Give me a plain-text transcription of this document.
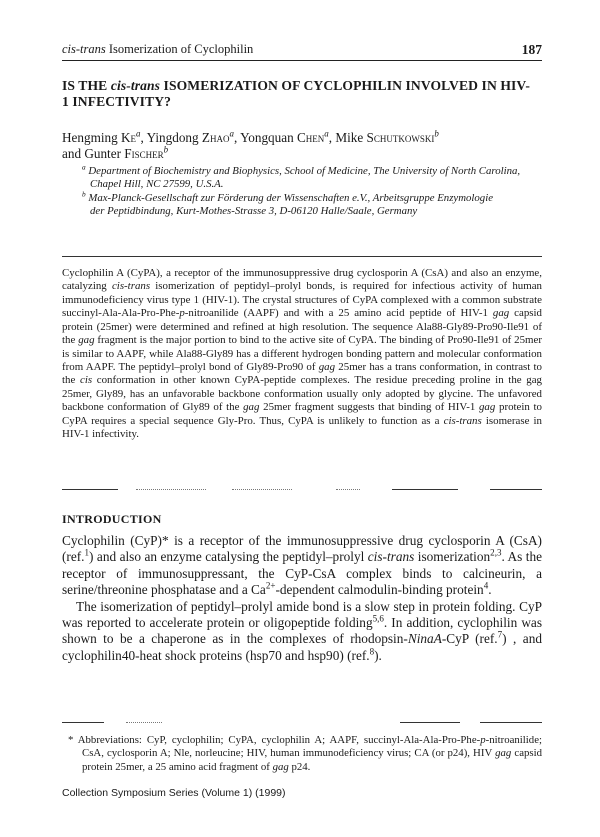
cis-trans Isomerization of Cyclophilin	187
IS THE cis-trans ISOMERIZATION OF CYCLOPHILIN INVOLVED IN HIV-1 INFECTIVITY?
Hengming Ke$^a$, Yingdong Zhao$^a$, Yongquan Chen$^a$, Mike Schutkowski$^b$
and Gunter Fischer$^b$

$^a$ Department of Biochemistry and Biophysics, School of Medicine, The University of North Carolina,

Chapel Hill, NC 27599, U.S.A.

$^b$ Max-Planck-Gesellschaft zur Förderung der Wissenschaften e.V., Arbeitsgruppe Enzymologie

der Peptidbindung, Kurt-Mothes-Strasse 3, D-06120 Halle/Saale, Germany

Cyclophilin A (CyPA), a receptor of the immunosuppressive drug cyclosporin A (CsA) and also an enzyme, catalyzing cis-trans isomerization of peptidyl–prolyl bonds, is required for infectious activity of human immunodeficiency virus type 1 (HIV-1). The crystal structures of CyPA complexed with a common substrate succinyl-Ala-Ala-Pro-Phe-p-nitroanilide (AAPF) and with a 25 amino acid peptide of HIV-1 gag capsid protein (25mer) were determined and refined at high resolution. The sequence Ala88-Gly89-Pro90-Ile91 of the gag fragment is the major portion to bind to the active site of CyPA. The binding of Pro90-Ile91 of 25mer is similar to AAPF, while Ala88-Gly89 has a different hydrogen bonding pattern and molecular conformation from AAPF. The peptidyl–prolyl bond of Gly89-Pro90 of gag 25mer has a trans conformation, in contrast to the cis conformation in other known CyPA-peptide complexes. The residue preceding proline in the gag 25mer, Gly89, has an unfavorable backbone conformation usually only adopted by glycine. The unfavored backbone conformation of Gly89 of the gag 25mer fragment suggests that binding of HIV-1 gag protein to CyPA requires a special sequence Gly-Pro. Thus, CyPA is unlikely to function as a cis-trans isomerase in HIV-1 infectivity.

INTRODUCTION

Cyclophilin (CyP)* is a receptor of the immunosuppressive drug cyclosporin A (CsA) (ref.$^1$) and also an enzyme catalysing the peptidyl–prolyl cis-trans isomerization$^{2,3}$. As the receptor of immunosuppressant, the CyP-CsA complex binds to calcineurin, a serine/threonine phosphatase and a $Ca^{2+}$-dependent calmodulin-binding protein$^4$.

The isomerization of peptidyl–prolyl amide bond is a slow step in protein folding. CyP was reported to accelerate protein or oligopeptide folding$^{5,6}$. In addition, cyclophilin was shown to be a chaperone as in the complexes of rhodopsin-NinaA-CyP (ref.$^7$) , and cyclophilin40-heat shock proteins (hsp70 and hsp90) (ref.$^8$).

* Abbreviations: CyP, cyclophilin; CyPA, cyclophilin A; AAPF, succinyl-Ala-Ala-Pro-Phe-p-nitroanilide; CsA, cyclosporin A; Nle, norleucine; HIV, human immunodeficiency virus; CA (or p24), HIV gag capsid protein 25mer, a 25 amino acid fragment of gag p24.

Collection Symposium Series (Volume 1) (1999)
